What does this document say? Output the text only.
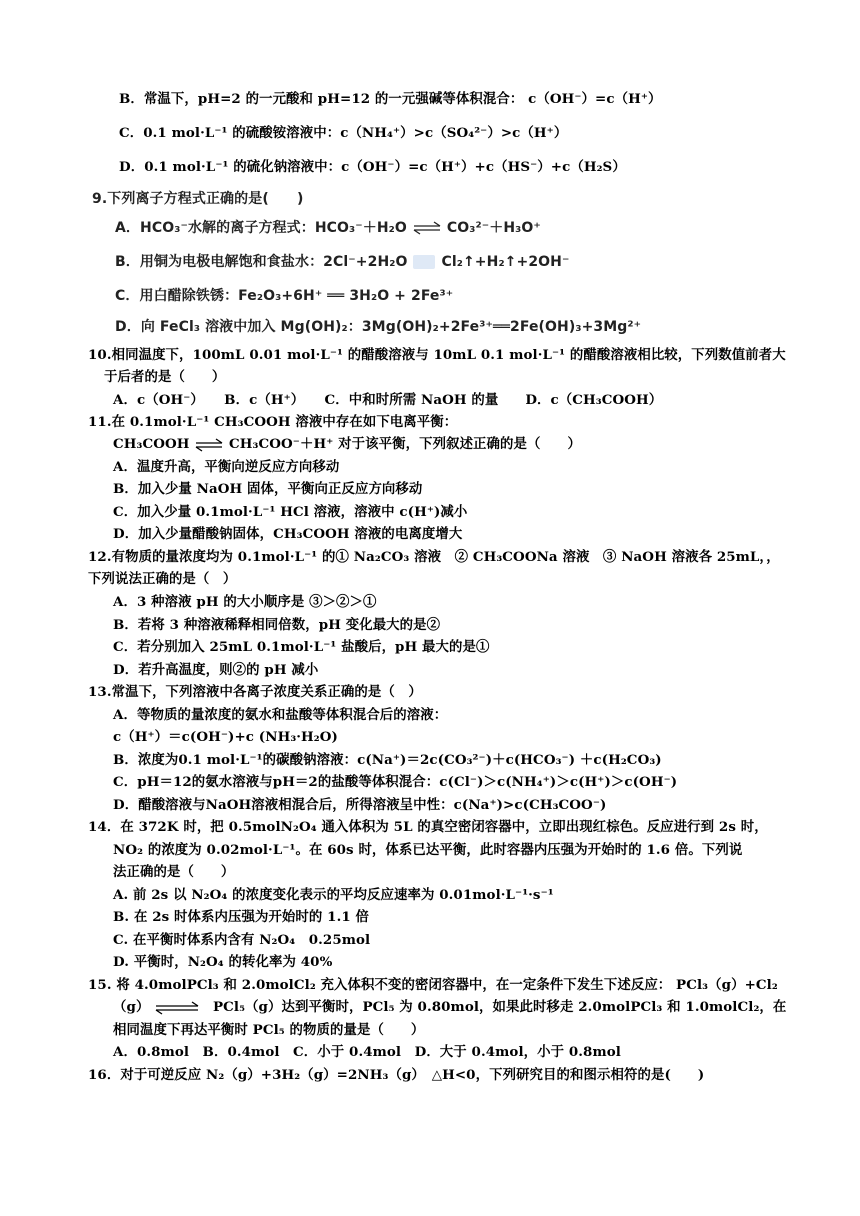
B．常温下，pH=2 的一元酸和 pH=12 的一元强碱等体积混合： c（OH⁻）=c（H⁺）
C．0.1 mol·L⁻¹ 的硫酸铵溶液中：c（NH₄⁺）>c（SO₄²⁻）>c（H⁺）
D．0.1 mol·L⁻¹ 的硫化钠溶液中：c（OH⁻）=c（H⁺）+c（HS⁻）+c（H₂S）
9.下列离子方程式正确的是(　　)
A．HCO₃⁻水解的离子方程式：HCO₃⁻＋H₂O ⇌ CO₃²⁻＋H₃O⁺
B．用铜为电极电解饱和食盐水：2Cl⁻+2H₂O Cl₂↑+H₂↑+2OH⁻
C．用白醋除铁锈：Fe₂O₃+6H⁺ ══ 3H₂O + 2Fe³⁺
D．向 FeCl₃ 溶液中加入 Mg(OH)₂：3Mg(OH)₂+2Fe³⁺══2Fe(OH)₃+3Mg²⁺
10.相同温度下，100mL 0.01 mol·L⁻¹ 的醋酸溶液与 10mL 0.1 mol·L⁻¹ 的醋酸溶液相比较，下列数值前者大
于后者的是（　　）
A．c（OH⁻）　　B．c（H⁺）　　C．中和时所需 NaOH 的量　　D．c（CH₃COOH）
11.在 0.1mol·L⁻¹ CH₃COOH 溶液中存在如下电离平衡：
CH₃COOH ⇌ CH₃COO⁻＋H⁺ 对于该平衡，下列叙述正确的是（　　）
A．温度升高，平衡向逆反应方向移动
B．加入少量 NaOH 固体，平衡向正反应方向移动
C．加入少量 0.1mol·L⁻¹ HCl 溶液，溶液中 c(H⁺)减小
D．加入少量醋酸钠固体，CH₃COOH 溶液的电离度增大
12.有物质的量浓度均为 0.1mol·L⁻¹ 的① Na₂CO₃ 溶液　② CH₃COONa 溶液　③ NaOH 溶液各 25mL，，
下列说法正确的是（　）
A．3 种溶液 pH 的大小顺序是 ③＞②＞①
B．若将 3 种溶液稀释相同倍数，pH 变化最大的是②
C．若分别加入 25mL 0.1mol·L⁻¹ 盐酸后，pH 最大的是①
D．若升高温度，则②的 pH 减小
13.常温下，下列溶液中各离子浓度关系正确的是（　）
A．等物质的量浓度的氨水和盐酸等体积混合后的溶液：
c（H⁺）＝c(OH⁻)+c (NH₃·H₂O)
B．浓度为0.1 mol·L⁻¹的碳酸钠溶液：c(Na⁺)＝2c(CO₃²⁻)＋c(HCO₃⁻) ＋c(H₂CO₃)
C．pH＝12的氨水溶液与pH＝2的盐酸等体积混合：c(Cl⁻)＞c(NH₄⁺)＞c(H⁺)＞c(OH⁻)
D．醋酸溶液与NaOH溶液相混合后，所得溶液呈中性：c(Na⁺)>c(CH₃COO⁻)
14．在 372K 时，把 0.5molN₂O₄ 通入体积为 5L 的真空密闭容器中，立即出现红棕色。反应进行到 2s 时，
NO₂ 的浓度为 0.02mol·L⁻¹。在 60s 时，体系已达平衡，此时容器内压强为开始时的 1.6 倍。下列说
法正确的是（　　）
A. 前 2s 以 N₂O₄ 的浓度变化表示的平均反应速率为 0.01mol·L⁻¹·s⁻¹
B. 在 2s 时体系内压强为开始时的 1.1 倍
C. 在平衡时体系内含有 N₂O₄　0.25mol
D. 平衡时，N₂O₄ 的转化率为 40%
15. 将 4.0molPCl₃ 和 2.0molCl₂ 充入体积不变的密闭容器中，在一定条件下发生下述反应： PCl₃（g）+Cl₂
（g） ⇌ PCl₅（g）达到平衡时，PCl₅ 为 0.80mol，如果此时移走 2.0molPCl₃ 和 1.0molCl₂，在
相同温度下再达平衡时 PCl₅ 的物质的量是（　　）
A．0.8mol　B．0.4mol　C．小于 0.4mol　D．大于 0.4mol，小于 0.8mol
16．对于可逆反应 N₂（g）+3H₂（g）=2NH₃（g）　△H<0，下列研究目的和图示相符的是(　　)
